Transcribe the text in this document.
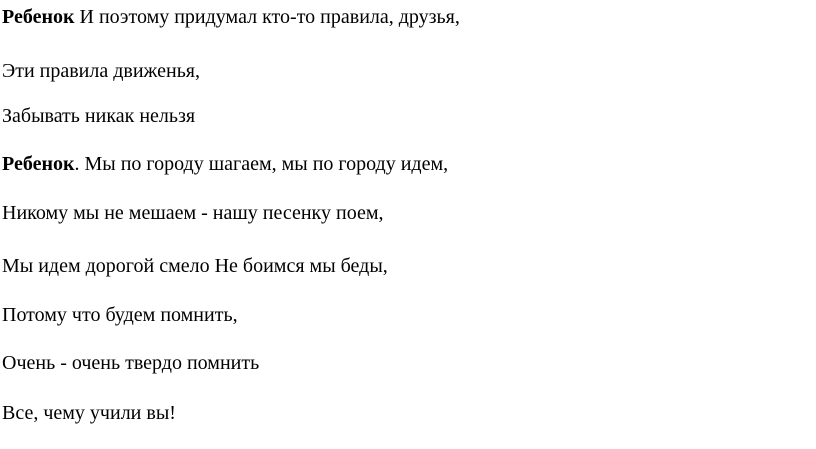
Ребенок И поэтому придумал кто-то правила, друзья,
Эти правила движенья,
Забывать никак нельзя
Ребенок. Мы по городу шагаем, мы по городу идем,
Никому мы не мешаем - нашу песенку поем,
Мы идем дорогой смело Не боимся мы беды,
Потому что будем помнить,
Очень - очень твердо помнить
Все, чему учили вы!
